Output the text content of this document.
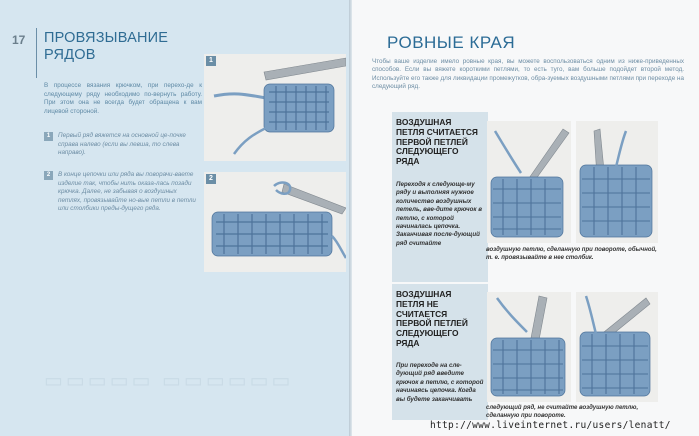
17 ПРОВЯЗЫВАНИЕ
РЯДОВ
В процессе вязания крючком, при перехо-де к следующему ряду необходимо по-вернуть работу. При этом она не всегда будет обращена к вам лицевой стороной.
1	Первый ряд вяжется на основной це-почке справа налево (если вы левша, то слева направо).
2	В конце цепочки или ряда вы поворачи-ваете изделие так, чтобы нить оказа-лась позади крючка. Далее, не забывая о воздушных петлях, провязывайте но-вые петли в петли или столбики преды-дущего ряда.
1
2
▭▭▭▭▭ ▭▭▭▭▭▭
РОВНЫЕ КРАЯ
Чтобы ваше изделие имело ровные края, вы можете воспользоваться одним из ниже-приведенных способов. Если вы вяжете короткими петлями, то есть туго, вам больше подойдет второй метод. Используйте его также для ликвидации промежутков, обра-зуемых воздушными петлями при переходе на следующий ряд.
ВОЗДУШНАЯ
ПЕТЛЯ СЧИТАЕТСЯ
ПЕРВОЙ ПЕТЛЕЙ
СЛЕДУЮЩЕГО
РЯДА
Переходя к следующе-му ряду и выполняя нужное количество воздушных петель, вве-дите крючок в петлю, с которой начиналась цепочка. Заканчивая после-дующий ряд считайте
воздушную петлю, сделанную при повороте, обычной, т. е. провязывайте в нее столбик.
ВОЗДУШНАЯ
ПЕТЛЯ НЕ
СЧИТАЕТСЯ
ПЕРВОЙ ПЕТЛЕЙ
СЛЕДУЮЩЕГО
РЯДА
При переходе на сле-дующий ряд введите крючок в петлю, с которой начинаясь цепочка. Когда вы будете заканчивать
следующий ряд, не считайте воздушную петлю, сделанную при повороте.
http://www.liveinternet.ru/users/lenatt/
